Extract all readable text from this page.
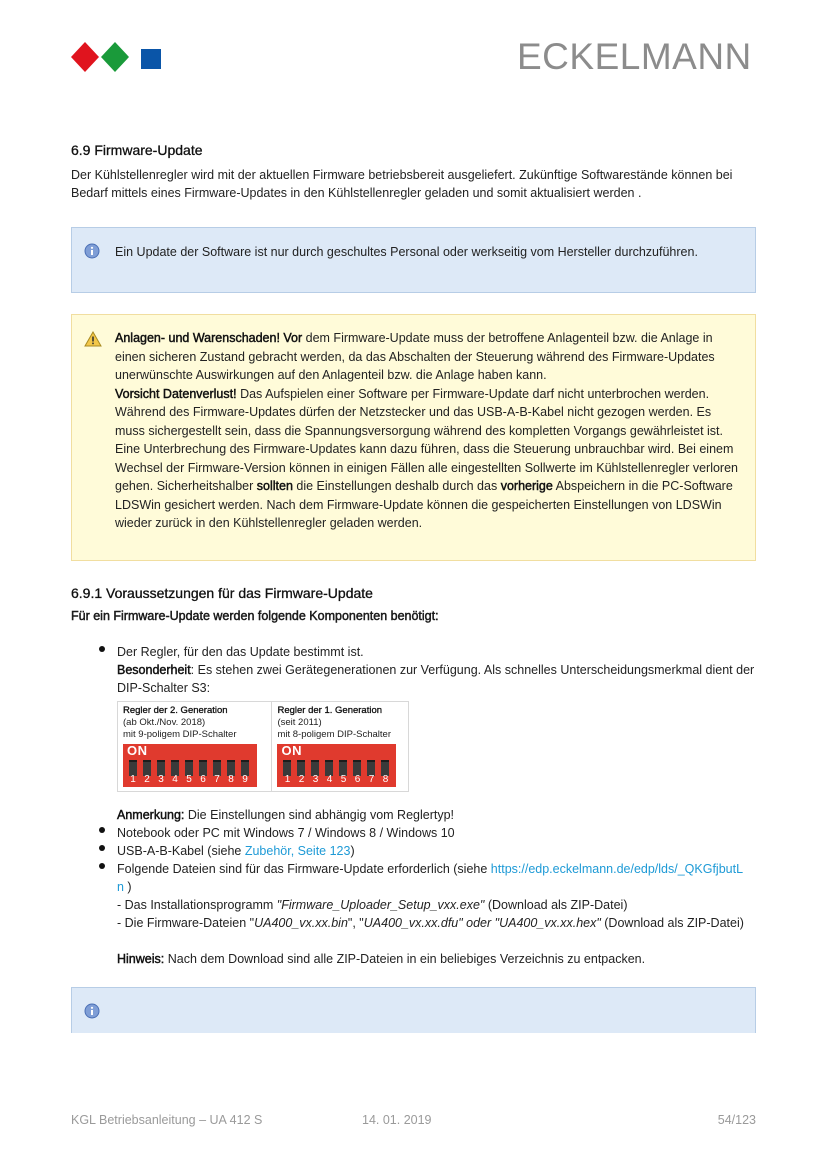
ECKELMANN
6.9 Firmware-Update

Der Kühlstellenregler wird mit der aktuellen Firmware betriebsbereit ausgeliefert. Zukünftige Softwarestände können bei Bedarf mittels eines Firmware-Updates in den Kühlstellenregler geladen und somit aktualisiert werden .

Ein Update der Software ist nur durch geschultes Personal oder werkseitig vom Hersteller durchzuführen.
Anlagen- und Warenschaden! Vor dem Firmware-Update muss der betroffene Anlagenteil bzw. die Anlage in einen sicheren Zustand gebracht werden, da das Abschalten der Steuerung während des Firmware-Updates unerwünschte Auswirkungen auf den Anlagenteil bzw. die Anlage haben kann.
Vorsicht Datenverlust! Das Aufspielen einer Software per Firmware-Update darf nicht unterbrochen werden. Während des Firmware-Updates dürfen der Netzstecker und das USB-A-B-Kabel nicht gezogen werden. Es muss sichergestellt sein, dass die Spannungsversorgung während des kompletten Vorgangs gewährleistet ist. Eine Unterbrechung des Firmware-Updates kann dazu führen, dass die Steuerung unbrauchbar wird. Bei einem Wechsel der Firmware-Version können in einigen Fällen alle eingestellten Sollwerte im Kühlstellenregler verloren gehen. Sicherheitshalber sollten die Einstellungen deshalb durch das vorherige Abspeichern in die PC-Software LDSWin gesichert werden. Nach dem Firmware-Update können die gespeicherten Einstellungen von LDSWin wieder zurück in den Kühlstellenregler geladen werden.
6.9.1 Voraussetzungen für das Firmware-Update

Für ein Firmware-Update werden folgende Komponenten benötigt:

Der Regler, für den das Update bestimmt ist.
Besonderheit: Es stehen zwei Gerätegenerationen zur Verfügung. Als schnelles Unterscheidungsmerkmal dient der DIP-Schalter S3:
Regler der 2. Generation
(ab Okt./Nov. 2018)
mit 9-poligem DIP-Schalter
ON
1 2 3 4 5 6 7 8 9
Regler der 1. Generation
(seit 2011)
mit 8-poligem DIP-Schalter
ON
1 2 3 4 5 6 7 8
Anmerkung: Die Einstellungen sind abhängig vom Reglertyp!
Notebook oder PC mit Windows 7 / Windows 8 / Windows 10
USB-A-B-Kabel (siehe Zubehör, Seite 123)
Folgende Dateien sind für das Firmware-Update erforderlich (siehe https://edp.eckelmann.de/edp/lds/_QKGfjbutLn )
- Das Installationsprogramm "Firmware_Uploader_Setup_vxx.exe" (Download als ZIP-Datei)
- Die Firmware-Dateien "UA400_vx.xx.bin", "UA400_vx.xx.dfu" oder "UA400_vx.xx.hex" (Download als ZIP-Datei)
Hinweis: Nach dem Download sind alle ZIP-Dateien in ein beliebiges Verzeichnis zu entpacken.
KGL Betriebsanleitung – UA 412 S	14. 01. 2019	54/123
